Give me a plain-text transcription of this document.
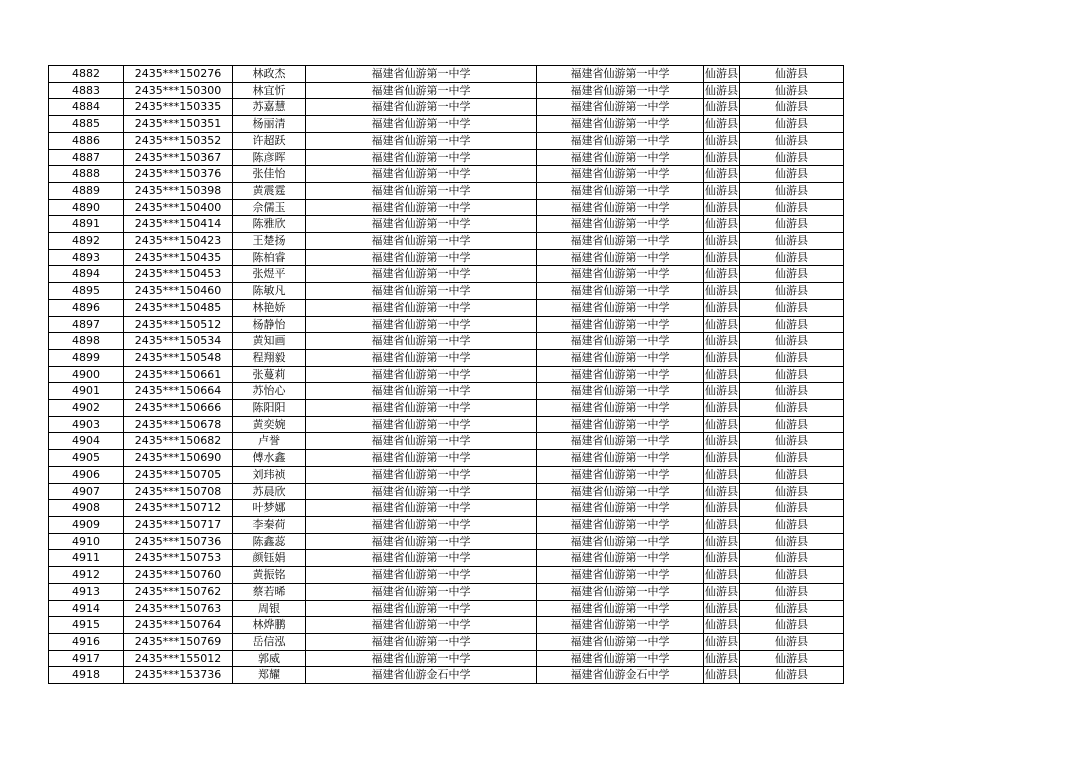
4882	2435***150276	林政杰	福建省仙游第一中学	福建省仙游第一中学	仙游县	仙游县
4883	2435***150300	林宜忻	福建省仙游第一中学	福建省仙游第一中学	仙游县	仙游县
4884	2435***150335	苏嘉慧	福建省仙游第一中学	福建省仙游第一中学	仙游县	仙游县
4885	2435***150351	杨丽清	福建省仙游第一中学	福建省仙游第一中学	仙游县	仙游县
4886	2435***150352	许超跃	福建省仙游第一中学	福建省仙游第一中学	仙游县	仙游县
4887	2435***150367	陈彦晖	福建省仙游第一中学	福建省仙游第一中学	仙游县	仙游县
4888	2435***150376	张佳怡	福建省仙游第一中学	福建省仙游第一中学	仙游县	仙游县
4889	2435***150398	黄震霆	福建省仙游第一中学	福建省仙游第一中学	仙游县	仙游县
4890	2435***150400	佘儒玉	福建省仙游第一中学	福建省仙游第一中学	仙游县	仙游县
4891	2435***150414	陈雅欣	福建省仙游第一中学	福建省仙游第一中学	仙游县	仙游县
4892	2435***150423	王楚扬	福建省仙游第一中学	福建省仙游第一中学	仙游县	仙游县
4893	2435***150435	陈柏睿	福建省仙游第一中学	福建省仙游第一中学	仙游县	仙游县
4894	2435***150453	张煜平	福建省仙游第一中学	福建省仙游第一中学	仙游县	仙游县
4895	2435***150460	陈敏凡	福建省仙游第一中学	福建省仙游第一中学	仙游县	仙游县
4896	2435***150485	林艳娇	福建省仙游第一中学	福建省仙游第一中学	仙游县	仙游县
4897	2435***150512	杨静怡	福建省仙游第一中学	福建省仙游第一中学	仙游县	仙游县
4898	2435***150534	黄知画	福建省仙游第一中学	福建省仙游第一中学	仙游县	仙游县
4899	2435***150548	程翔毅	福建省仙游第一中学	福建省仙游第一中学	仙游县	仙游县
4900	2435***150661	张蔓莉	福建省仙游第一中学	福建省仙游第一中学	仙游县	仙游县
4901	2435***150664	苏怡心	福建省仙游第一中学	福建省仙游第一中学	仙游县	仙游县
4902	2435***150666	陈阳阳	福建省仙游第一中学	福建省仙游第一中学	仙游县	仙游县
4903	2435***150678	黄奕婉	福建省仙游第一中学	福建省仙游第一中学	仙游县	仙游县
4904	2435***150682	卢誉	福建省仙游第一中学	福建省仙游第一中学	仙游县	仙游县
4905	2435***150690	傅水鑫	福建省仙游第一中学	福建省仙游第一中学	仙游县	仙游县
4906	2435***150705	刘玮祯	福建省仙游第一中学	福建省仙游第一中学	仙游县	仙游县
4907	2435***150708	苏晨欣	福建省仙游第一中学	福建省仙游第一中学	仙游县	仙游县
4908	2435***150712	叶梦娜	福建省仙游第一中学	福建省仙游第一中学	仙游县	仙游县
4909	2435***150717	李秦荷	福建省仙游第一中学	福建省仙游第一中学	仙游县	仙游县
4910	2435***150736	陈鑫蕊	福建省仙游第一中学	福建省仙游第一中学	仙游县	仙游县
4911	2435***150753	颜钰娟	福建省仙游第一中学	福建省仙游第一中学	仙游县	仙游县
4912	2435***150760	黄振铭	福建省仙游第一中学	福建省仙游第一中学	仙游县	仙游县
4913	2435***150762	蔡若晞	福建省仙游第一中学	福建省仙游第一中学	仙游县	仙游县
4914	2435***150763	周银	福建省仙游第一中学	福建省仙游第一中学	仙游县	仙游县
4915	2435***150764	林烨鹏	福建省仙游第一中学	福建省仙游第一中学	仙游县	仙游县
4916	2435***150769	岳信泓	福建省仙游第一中学	福建省仙游第一中学	仙游县	仙游县
4917	2435***155012	郭威	福建省仙游第一中学	福建省仙游第一中学	仙游县	仙游县
4918	2435***153736	郑耀	福建省仙游金石中学	福建省仙游金石中学	仙游县	仙游县
